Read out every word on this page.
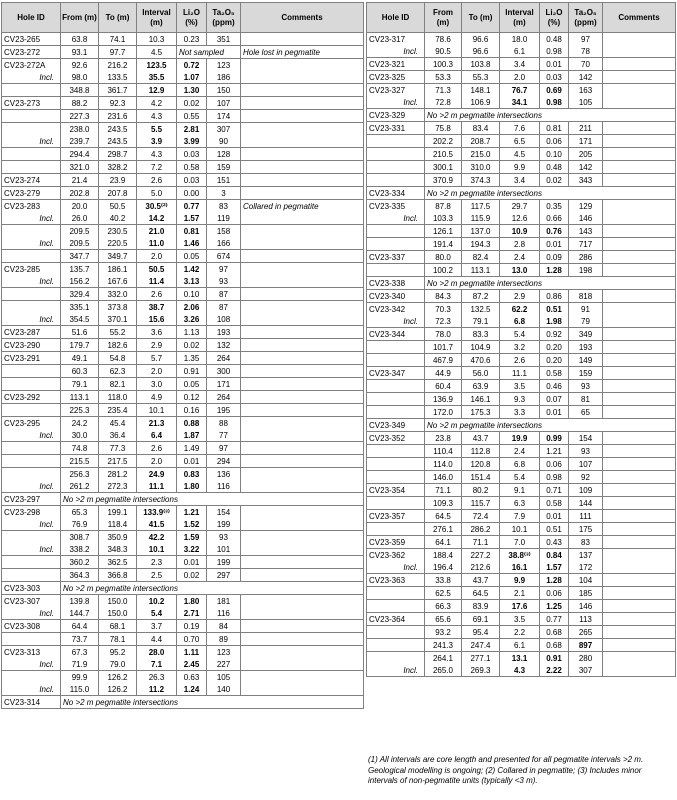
Hole ID	From (m)	To (m)	Interval (m)	Li₂O (%)	Ta₂O₅ (ppm)	Comments
CV23-265	63.8	74.1	10.3	0.23	351	
CV23-272	93.1	97.7	4.5	Not sampled		Hole lost in pegmatite
CV23-272A	92.6	216.2	123.5	0.72	123	
Incl.	98.0	133.5	35.5	1.07	186	
	348.8	361.7	12.9	1.30	150	
CV23-273	88.2	92.3	4.2	0.02	107	
	227.3	231.6	4.3	0.55	174	
	238.0	243.5	5.5	2.81	307	
Incl.	239.7	243.5	3.9	3.99	90	
	294.4	298.7	4.3	0.03	128	
	321.0	328.2	7.2	0.58	159	
CV23-274	21.4	23.9	2.6	0.03	151	
CV23-279	202.8	207.8	5.0	0.00	3	
CV23-283	20.0	50.5	30.5⁽²⁾	0.77	83	Collared in pegmatite
Incl.	26.0	40.2	14.2	1.57	119	
	209.5	230.5	21.0	0.81	158	
Incl.	209.5	220.5	11.0	1.46	166	
	347.7	349.7	2.0	0.05	674	
CV23-285	135.7	186.1	50.5	1.42	97	
Incl.	156.2	167.6	11.4	3.13	93	
	329.4	332.0	2.6	0.10	87	
	335.1	373.8	38.7	2.06	87	
Incl.	354.5	370.1	15.6	3.26	108	
CV23-287	51.6	55.2	3.6	1.13	193	
CV23-290	179.7	182.6	2.9	0.02	132	
CV23-291	49.1	54.8	5.7	1.35	264	
	60.3	62.3	2.0	0.91	300	
	79.1	82.1	3.0	0.05	171	
CV23-292	113.1	118.0	4.9	0.12	264	
	225.3	235.4	10.1	0.16	195	
CV23-295	24.2	45.4	21.3	0.88	88	
Incl.	30.0	36.4	6.4	1.87	77	
	74.8	77.3	2.6	1.49	97	
	215.5	217.5	2.0	0.01	294	
	256.3	281.2	24.9	0.83	136	
Incl.	261.2	272.3	11.1	1.80	116	
CV23-297	No >2 m pegmatite intersections					
CV23-298	65.3	199.1	133.9⁽³⁾	1.21	154	
Incl.	76.9	118.4	41.5	1.52	199	
	308.7	350.9	42.2	1.59	93	
Incl.	338.2	348.3	10.1	3.22	101	
	360.2	362.5	2.3	0.01	199	
	364.3	366.8	2.5	0.02	297	
CV23-303	No >2 m pegmatite intersections					
CV23-307	139.8	150.0	10.2	1.80	181	
Incl.	144.7	150.0	5.4	2.71	116	
CV23-308	64.4	68.1	3.7	0.19	84	
	73.7	78.1	4.4	0.70	89	
CV23-313	67.3	95.2	28.0	1.11	123	
Incl.	71.9	79.0	7.1	2.45	227	
	99.9	126.2	26.3	0.63	105	
Incl.	115.0	126.2	11.2	1.24	140	
CV23-314	No >2 m pegmatite intersections					
Hole ID	From (m)	To (m)	Interval (m)	Li₂O (%)	Ta₂O₅ (ppm)	Comments
CV23-317	78.6	96.6	18.0	0.48	97	
Incl.	90.5	96.6	6.1	0.98	78	
CV23-321	100.3	103.8	3.4	0.01	70	
CV23-325	53.3	55.3	2.0	0.03	142	
CV23-327	71.3	148.1	76.7	0.69	163	
Incl.	72.8	106.9	34.1	0.98	105	
CV23-329	No >2 m pegmatite intersections					
CV23-331	75.8	83.4	7.6	0.81	211	
	202.2	208.7	6.5	0.06	171	
	210.5	215.0	4.5	0.10	205	
	300.1	310.0	9.9	0.48	142	
	370.9	374.3	3.4	0.02	343	
CV23-334	No >2 m pegmatite intersections					
CV23-335	87.8	117.5	29.7	0.35	129	
Incl.	103.3	115.9	12.6	0.66	146	
	126.1	137.0	10.9	0.76	143	
	191.4	194.3	2.8	0.01	717	
CV23-337	80.0	82.4	2.4	0.09	286	
	100.2	113.1	13.0	1.28	198	
CV23-338	No >2 m pegmatite intersections					
CV23-340	84.3	87.2	2.9	0.86	818	
CV23-342	70.3	132.5	62.2	0.51	91	
Incl.	72.3	79.1	6.8	1.98	79	
CV23-344	78.0	83.3	5.4	0.92	349	
	101.7	104.9	3.2	0.20	193	
	467.9	470.6	2.6	0.20	149	
CV23-347	44.9	56.0	11.1	0.58	159	
	60.4	63.9	3.5	0.46	93	
	136.9	146.1	9.3	0.07	81	
	172.0	175.3	3.3	0.01	65	
CV23-349	No >2 m pegmatite intersections					
CV23-352	23.8	43.7	19.9	0.99	154	
	110.4	112.8	2.4	1.21	93	
	114.0	120.8	6.8	0.06	107	
	146.0	151.4	5.4	0.98	92	
CV23-354	71.1	80.2	9.1	0.71	109	
	109.3	115.7	6.3	0.58	144	
CV23-357	64.5	72.4	7.9	0.01	111	
	276.1	286.2	10.1	0.51	175	
CV23-359	64.1	71.1	7.0	0.43	83	
CV23-362	188.4	227.2	38.8⁽³⁾	0.84	137	
Incl.	196.4	212.6	16.1	1.57	172	
CV23-363	33.8	43.7	9.9	1.28	104	
	62.5	64.5	2.1	0.06	185	
	66.3	83.9	17.6	1.25	146	
CV23-364	65.6	69.1	3.5	0.77	113	
	93.2	95.4	2.2	0.68	265	
	241.3	247.4	6.1	0.68	897	
	264.1	277.1	13.1	0.91	280	
Incl.	265.0	269.3	4.3	2.22	307	
(1) All intervals are core length and presented for all pegmatite intervals >2 m. Geological modelling is ongoing; (2) Collared in pegmatite; (3) Includes minor intervals of non-pegmatite units (typically <3 m).
